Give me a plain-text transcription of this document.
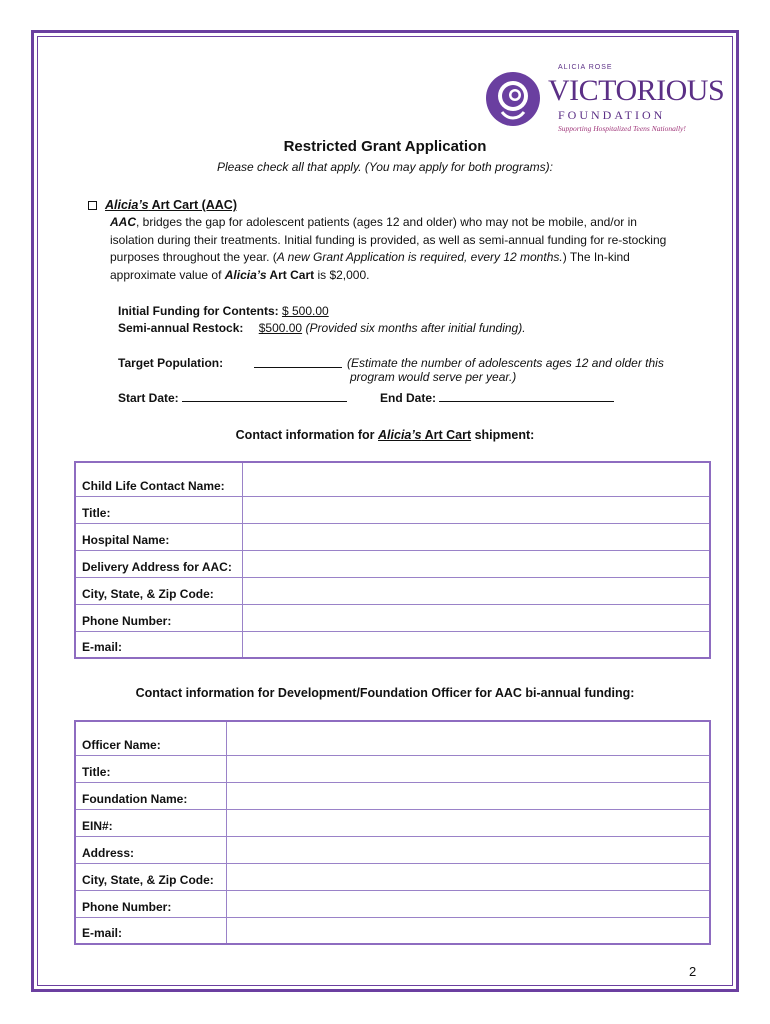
ALICIA ROSE
VICTORIOUS
FOUNDATION
Supporting Hospitalized Teens Nationally!
Restricted Grant Application
Please check all that apply. (You may apply for both programs):
Alicia’s Art Cart (AAC)
AAC, bridges the gap for adolescent patients (ages 12 and older) who may not be mobile, and/or in isolation during their treatments. Initial funding is provided, as well as semi-annual funding for re-stocking purposes throughout the year. (A new Grant Application is required, every 12 months.) The In-kind approximate value of Alicia’s Art Cart is $2,000.
Initial Funding for Contents: $ 500.00
Semi-annual Restock: $500.00 (Provided six months after initial funding).
Target Population:	(Estimate the number of adolescents ages 12 and older this
program would serve per year.)
Start Date:	End Date:
Contact information for Alicia’s Art Cart shipment:
Child Life Contact Name:	
Title:	
Hospital Name:	
Delivery Address for AAC:	
City, State, & Zip Code:	
Phone Number:	
E-mail:	
Contact information for Development/Foundation Officer for AAC bi-annual funding:
Officer Name:	
Title:	
Foundation Name:	
EIN#:	
Address:	
City, State, & Zip Code:	
Phone Number:	
E-mail:	
2
